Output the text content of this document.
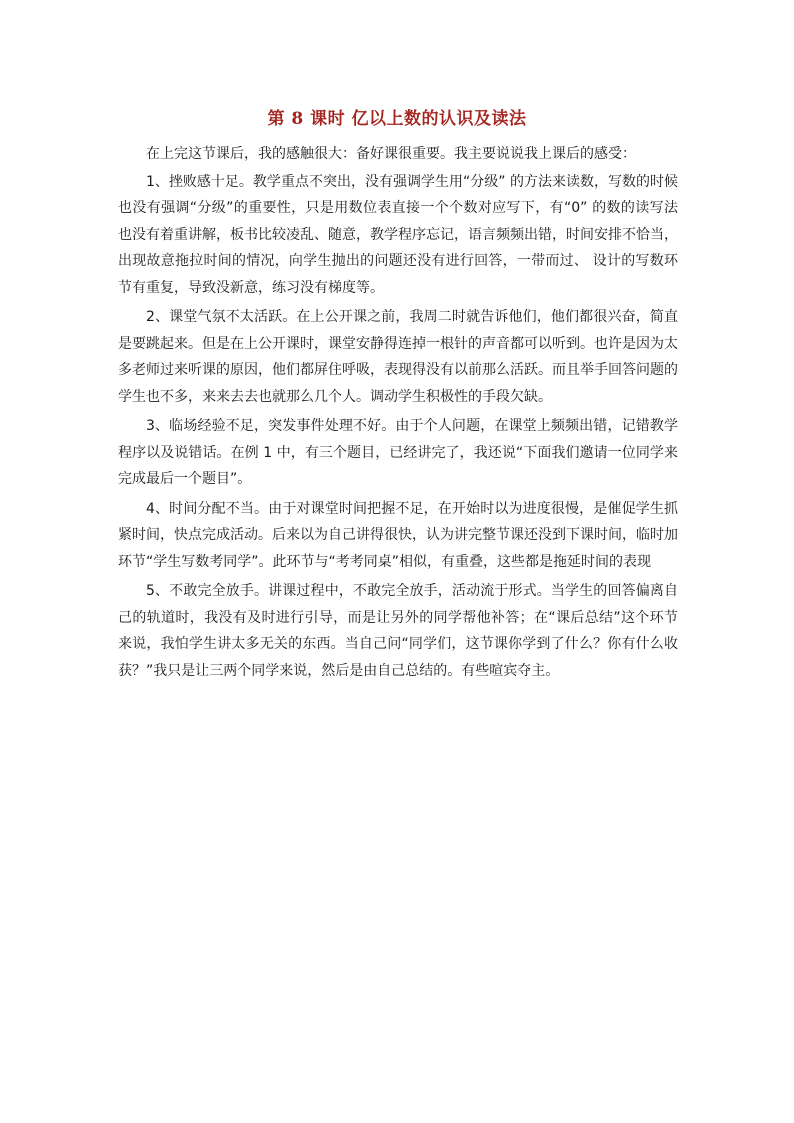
第 8 课时 亿以上数的认识及读法

在上完这节课后，我的感触很大：备好课很重要。我主要说说我上课后的感受：

1、挫败感十足。教学重点不突出，没有强调学生用“分级” 的方法来读数，写数的时候也没有强调“分级”的重要性，只是用数位表直接一个个数对应写下，有“0” 的数的读写法也没有着重讲解，板书比较凌乱、随意，教学程序忘记，语言频频出错，时间安排不恰当，出现故意拖拉时间的情况，向学生抛出的问题还没有进行回答，一带而过、 设计的写数环节有重复，导致没新意，练习没有梯度等。

2、课堂气氛不太活跃。在上公开课之前，我周二时就告诉他们，他们都很兴奋，简直是要跳起来。但是在上公开课时，课堂安静得连掉一根针的声音都可以听到。也许是因为太多老师过来听课的原因，他们都屏住呼吸，表现得没有以前那么活跃。而且举手回答问题的学生也不多，来来去去也就那么几个人。调动学生积极性的手段欠缺。

3、临场经验不足，突发事件处理不好。由于个人问题，在课堂上频频出错，记错教学程序以及说错话。在例 1 中，有三个题目，已经讲完了，我还说“下面我们邀请一位同学来完成最后一个题目”。

4、时间分配不当。由于对课堂时间把握不足，在开始时以为进度很慢，是催促学生抓紧时间，快点完成活动。后来以为自己讲得很快，认为讲完整节课还没到下课时间，临时加环节“学生写数考同学”。此环节与“考考同桌”相似，有重叠，这些都是拖延时间的表现

5、不敢完全放手。讲课过程中，不敢完全放手，活动流于形式。当学生的回答偏离自己的轨道时，我没有及时进行引导，而是让另外的同学帮他补答；在“课后总结”这个环节来说，我怕学生讲太多无关的东西。当自己问“同学们，这节课你学到了什么？你有什么收获？”我只是让三两个同学来说，然后是由自己总结的。有些喧宾夺主。
